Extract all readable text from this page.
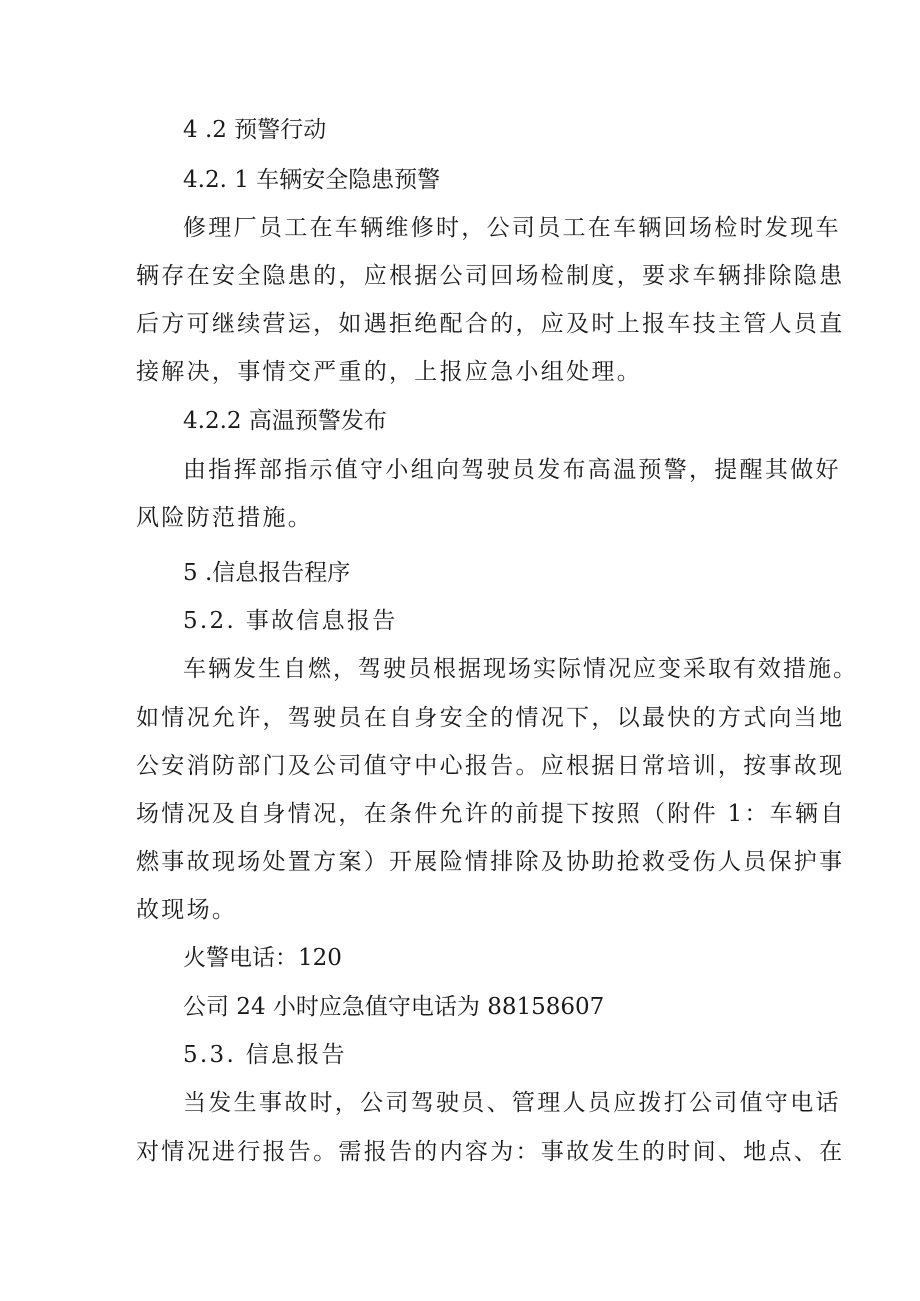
4 .2 预警行动
4.2. 1 车辆安全隐患预警
修理厂员工在车辆维修时，公司员工在车辆回场检时发现车
辆存在安全隐患的，应根据公司回场检制度，要求车辆排除隐患
后方可继续营运，如遇拒绝配合的，应及时上报车技主管人员直
接解决，事情交严重的，上报应急小组处理。
4.2.2 高温预警发布
由指挥部指示值守小组向驾驶员发布高温预警，提醒其做好
风险防范措施。
5 .信息报告程序
5.2. 事故信息报告
车辆发生自燃，驾驶员根据现场实际情况应变采取有效措施。
如情况允许，驾驶员在自身安全的情况下，以最快的方式向当地
公安消防部门及公司值守中心报告。应根据日常培训，按事故现
场情况及自身情况，在条件允许的前提下按照（附件 1：车辆自
燃事故现场处置方案）开展险情排除及协助抢救受伤人员保护事
故现场。
火警电话：120
公司 24 小时应急值守电话为 88158607
5.3. 信息报告
当发生事故时，公司驾驶员、管理人员应拨打公司值守电话
对情况进行报告。需报告的内容为：事故发生的时间、地点、在
